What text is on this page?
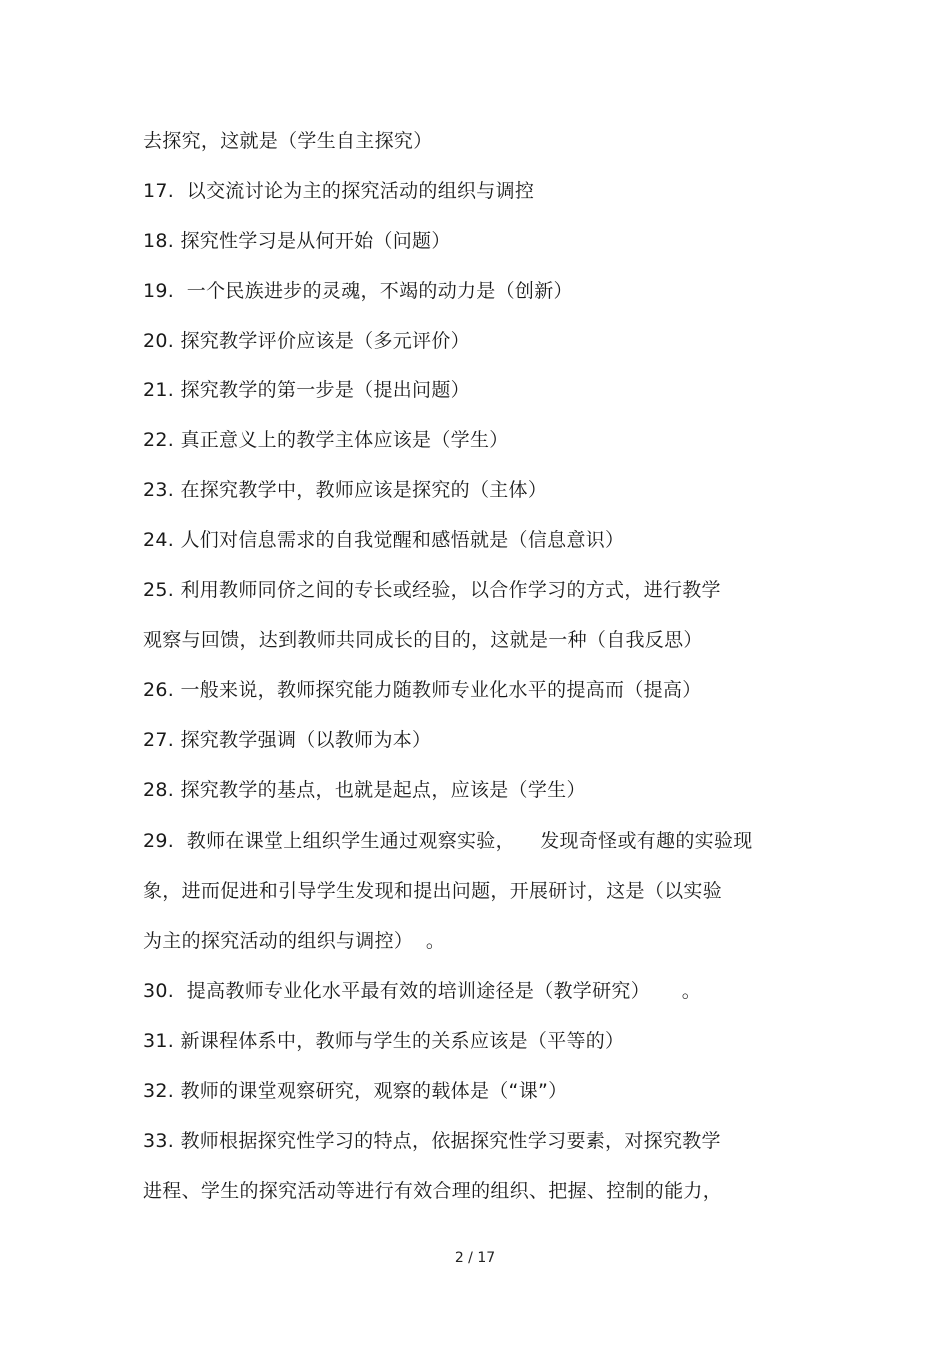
去探究，这就是（学生自主探究）
17.  以交流讨论为主的探究活动的组织与调控
18. 探究性学习是从何开始（问题）
19.  一个民族进步的灵魂，不竭的动力是（创新）
20. 探究教学评价应该是（多元评价）
21. 探究教学的第一步是（提出问题）
22. 真正意义上的教学主体应该是（学生）
23. 在探究教学中，教师应该是探究的（主体）
24. 人们对信息需求的自我觉醒和感悟就是（信息意识）
25. 利用教师同侪之间的专长或经验，以合作学习的方式，进行教学
观察与回馈，达到教师共同成长的目的，这就是一种（自我反思）
26. 一般来说，教师探究能力随教师专业化水平的提高而（提高）
27. 探究教学强调（以教师为本）
28. 探究教学的基点，也就是起点，应该是（学生）
29.  教师在课堂上组织学生通过观察实验，    发现奇怪或有趣的实验现
象，进而促进和引导学生发现和提出问题，开展研讨，这是（以实验
为主的探究活动的组织与调控）  。
30.  提高教师专业化水平最有效的培训途径是（教学研究）     。
31. 新课程体系中，教师与学生的关系应该是（平等的）
32. 教师的课堂观察研究，观察的载体是（“课”）
33. 教师根据探究性学习的特点，依据探究性学习要素，对探究教学
进程、学生的探究活动等进行有效合理的组织、把握、控制的能力，
2 / 17
